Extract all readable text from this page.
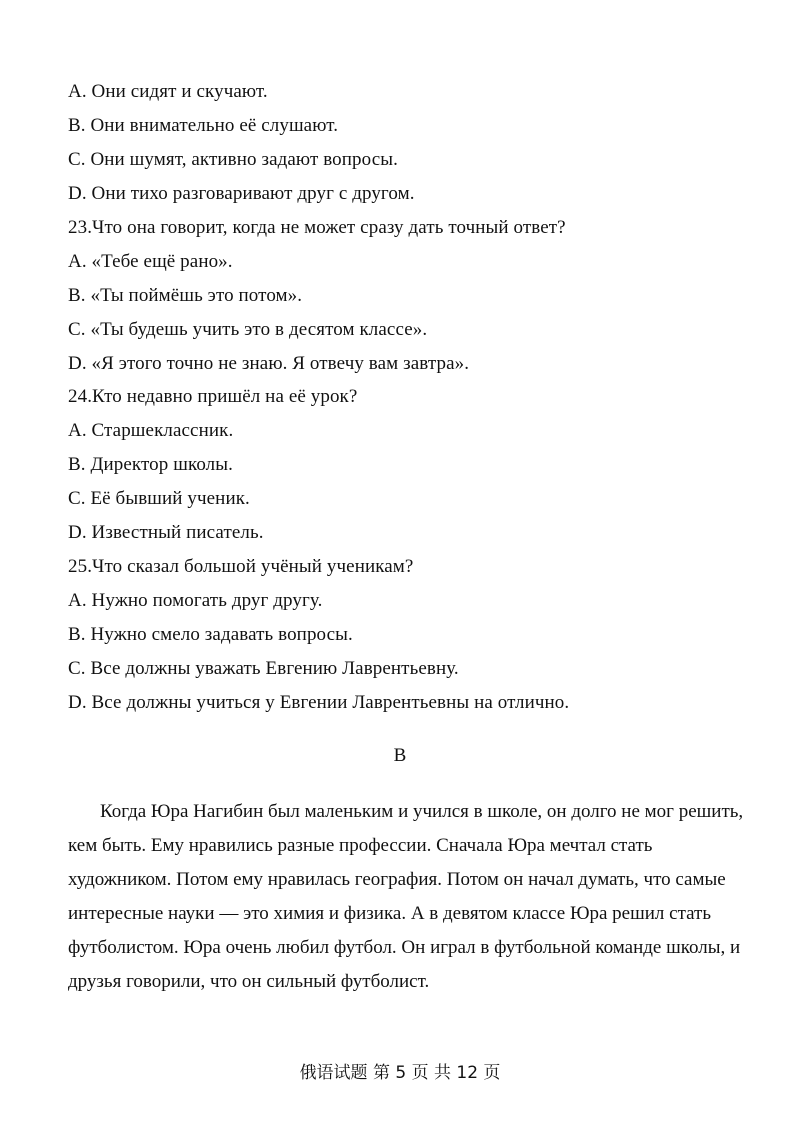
A. Они сидят и скучают.
B. Они внимательно её слушают.
C. Они шумят, активно задают вопросы.
D. Они тихо разговаривают друг с другом.
23.Что она говорит, когда не может сразу дать точный ответ?
A. «Тебе ещё рано».
B. «Ты поймёшь это потом».
C. «Ты будешь учить это в десятом классе».
D. «Я этого точно не знаю. Я отвечу вам завтра».
24.Кто недавно пришёл на её урок?
A. Старшеклассник.
B. Директор школы.
C. Её бывший ученик.
D. Известный писатель.
25.Что сказал большой учёный ученикам?
A. Нужно помогать друг другу.
B. Нужно смело задавать вопросы.
C. Все должны уважать Евгению Лаврентьевну.
D. Все должны учиться у Евгении Лаврентьевны на отлично.
B
Когда Юра Нагибин был маленьким и учился в школе, он долго не мог решить,
кем быть. Ему нравились разные профессии. Сначала Юра мечтал стать
художником. Потом ему нравилась география. Потом он начал думать, что самые
интересные науки — это химия и физика. А в девятом классе Юра решил стать
футболистом. Юра очень любил футбол. Он играл в футбольной команде школы, и
друзья говорили, что он сильный футболист.
俄语试题 第 5 页 共 12 页
